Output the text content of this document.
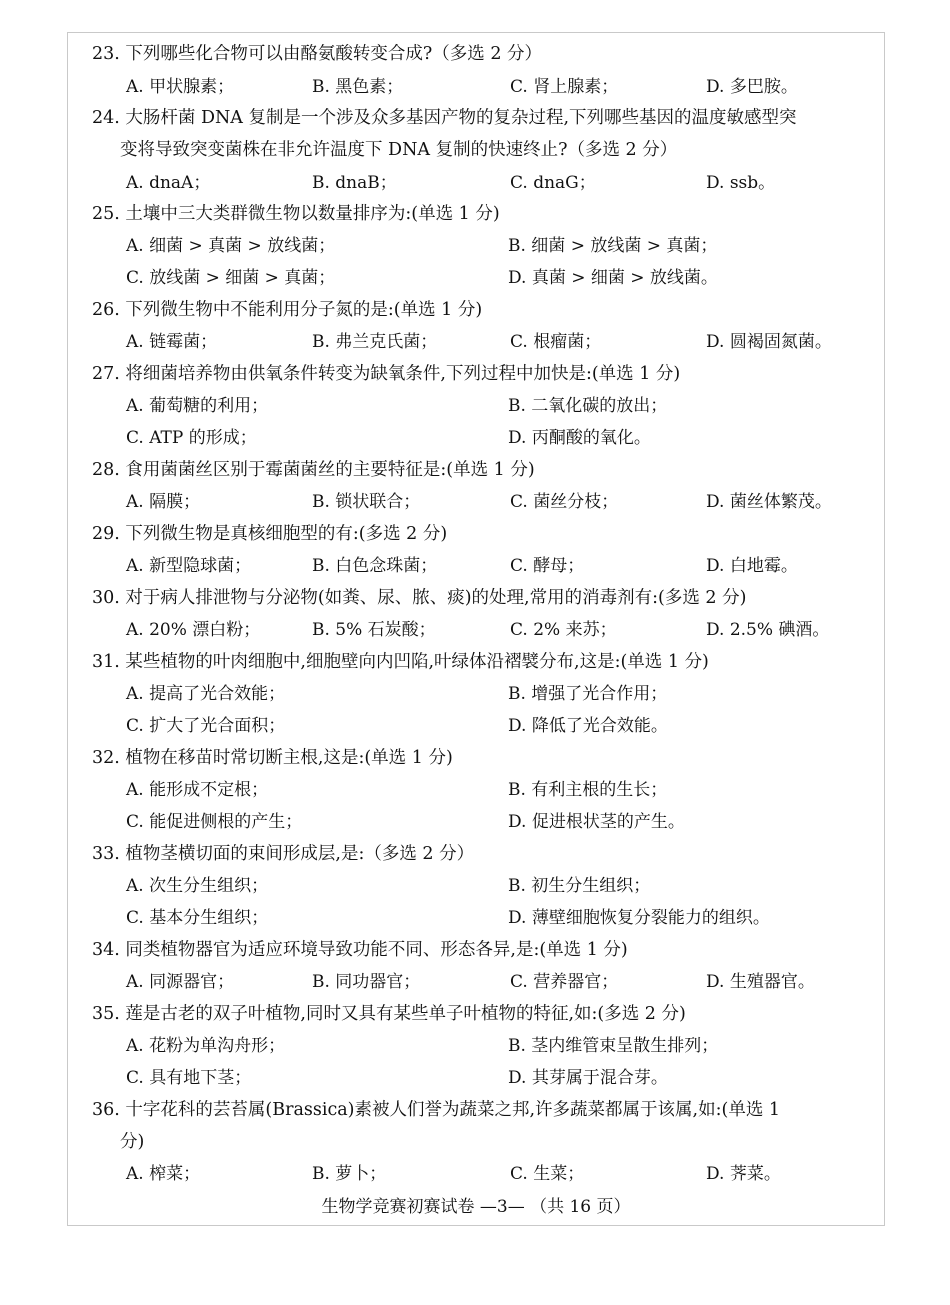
23. 下列哪些化合物可以由酪氨酸转变合成?（多选 2 分）
A. 甲状腺素；	B. 黑色素；	C. 肾上腺素；	D. 多巴胺。
24. 大肠杆菌 DNA 复制是一个涉及众多基因产物的复杂过程,下列哪些基因的温度敏感型突
变将导致突变菌株在非允许温度下 DNA 复制的快速终止?（多选 2 分）
A. dnaA；	B. dnaB；	C. dnaG；	D. ssb。
25. 土壤中三大类群微生物以数量排序为:(单选 1 分)
A. 细菌 > 真菌 > 放线菌；	B. 细菌 > 放线菌 > 真菌；
C. 放线菌 > 细菌 > 真菌；	D. 真菌 > 细菌 > 放线菌。
26. 下列微生物中不能利用分子氮的是:(单选 1 分)
A. 链霉菌；	B. 弗兰克氏菌；	C. 根瘤菌；	D. 圆褐固氮菌。
27. 将细菌培养物由供氧条件转变为缺氧条件,下列过程中加快是:(单选 1 分)
A. 葡萄糖的利用；	B. 二氧化碳的放出；
C. ATP 的形成；	D. 丙酮酸的氧化。
28. 食用菌菌丝区别于霉菌菌丝的主要特征是:(单选 1 分)
A. 隔膜；	B. 锁状联合；	C. 菌丝分枝；	D. 菌丝体繁茂。
29. 下列微生物是真核细胞型的有:(多选 2 分)
A. 新型隐球菌；	B. 白色念珠菌；	C. 酵母；	D. 白地霉。
30. 对于病人排泄物与分泌物(如粪、尿、脓、痰)的处理,常用的消毒剂有:(多选 2 分)
A. 20% 漂白粉；	B. 5% 石炭酸；	C. 2% 来苏；	D. 2.5% 碘酒。
31. 某些植物的叶肉细胞中,细胞壁向内凹陷,叶绿体沿褶襞分布,这是:(单选 1 分)
A. 提高了光合效能；	B. 增强了光合作用；
C. 扩大了光合面积；	D. 降低了光合效能。
32. 植物在移苗时常切断主根,这是:(单选 1 分)
A. 能形成不定根；	B. 有利主根的生长；
C. 能促进侧根的产生；	D. 促进根状茎的产生。
33. 植物茎横切面的束间形成层,是:（多选 2 分）
A. 次生分生组织；	B. 初生分生组织；
C. 基本分生组织；	D. 薄壁细胞恢复分裂能力的组织。
34. 同类植物器官为适应环境导致功能不同、形态各异,是:(单选 1 分)
A. 同源器官；	B. 同功器官；	C. 营养器官；	D. 生殖器官。
35. 莲是古老的双子叶植物,同时又具有某些单子叶植物的特征,如:(多选 2 分)
A. 花粉为单沟舟形；	B. 茎内维管束呈散生排列；
C. 具有地下茎；	D. 其芽属于混合芽。
36. 十字花科的芸苔属(Brassica)素被人们誉为蔬菜之邦,许多蔬菜都属于该属,如:(单选 1
分)
A. 榨菜；	B. 萝卜；	C. 生菜；	D. 荠菜。
生物学竞赛初赛试卷 —3— （共 16 页）
